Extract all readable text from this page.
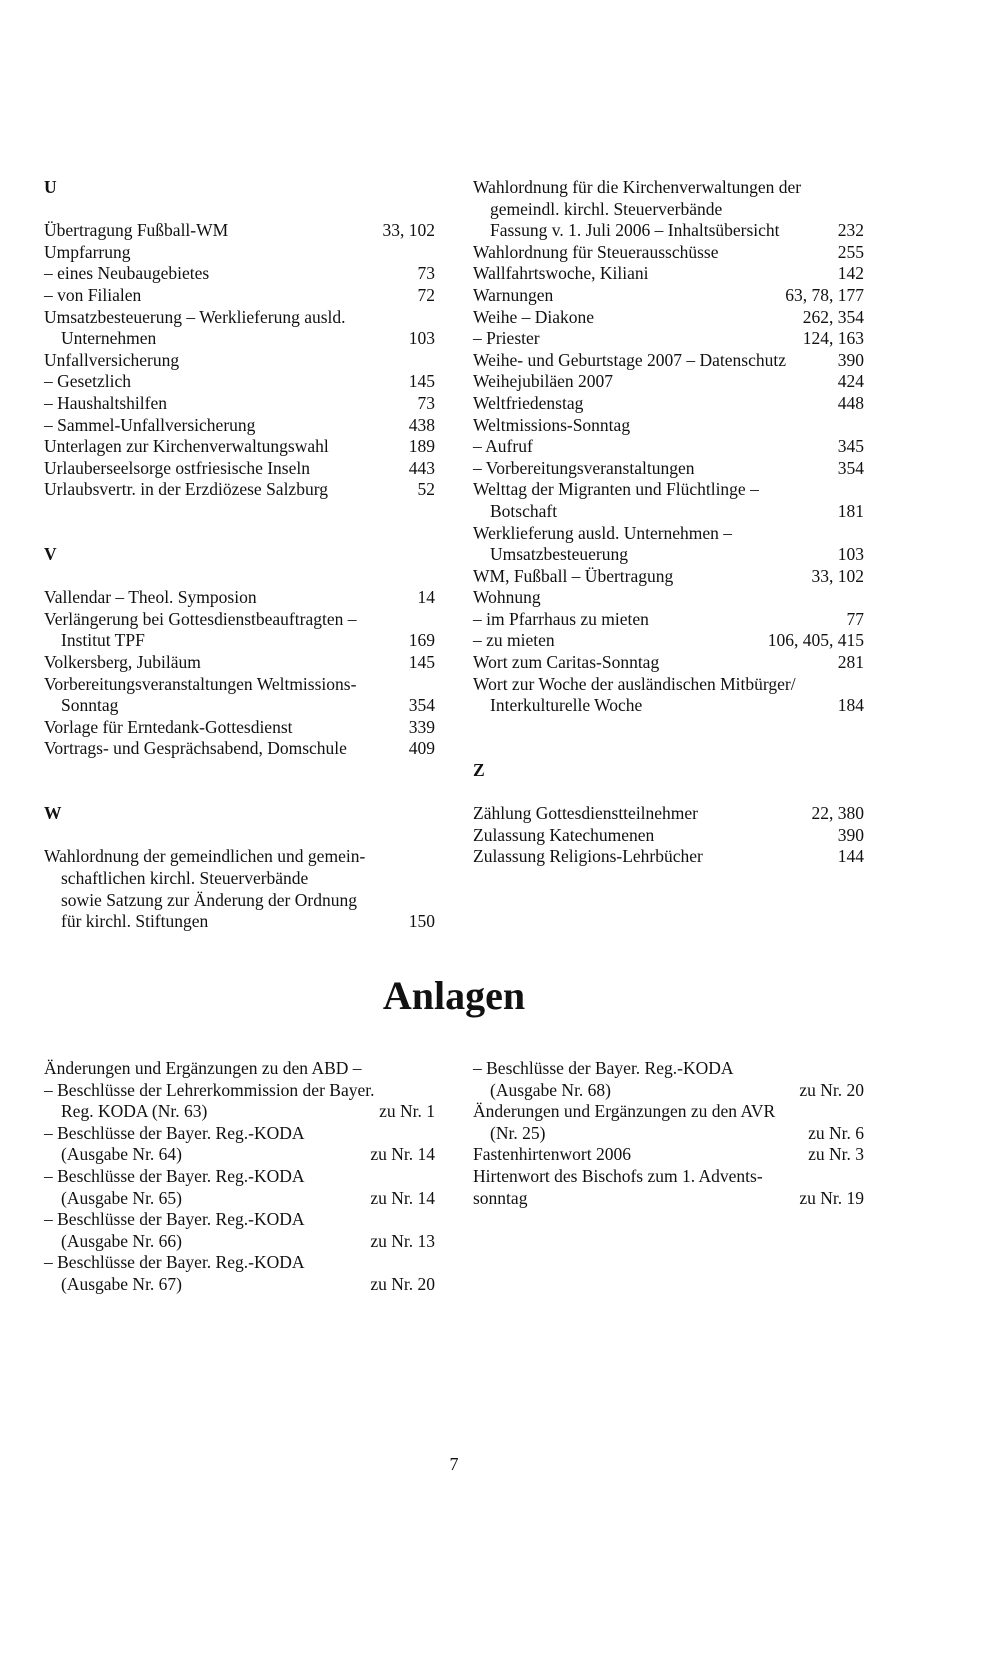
U
Übertragung Fußball-WM	33, 102
Umpfarrung
– eines Neubaugebietes	73
– von Filialen	72
Umsatzbesteuerung – Werklieferung ausld.
Unternehmen	103
Unfallversicherung
– Gesetzlich	145
– Haushaltshilfen	73
– Sammel-Unfallversicherung	438
Unterlagen zur Kirchenverwaltungswahl	189
Urlauberseelsorge ostfriesische Inseln	443
Urlaubsvertr. in der Erzdiözese Salzburg	52
V
Vallendar – Theol. Symposion	14
Verlängerung bei Gottesdienstbeauftragten –
Institut TPF	169
Volkersberg, Jubiläum	145
Vorbereitungsveranstaltungen Weltmissions-
Sonntag	354
Vorlage für Erntedank-Gottesdienst	339
Vortrags- und Gesprächsabend, Domschule	409
W
Wahlordnung der gemeindlichen und gemein-
schaftlichen kirchl. Steuerverbände
sowie Satzung zur Änderung der Ordnung
für kirchl. Stiftungen	150
Wahlordnung für die Kirchenverwaltungen der
gemeindl. kirchl. Steuerverbände
Fassung v. 1. Juli 2006 – Inhaltsübersicht	232
Wahlordnung für Steuerausschüsse	255
Wallfahrtswoche, Kiliani	142
Warnungen	63, 78, 177
Weihe – Diakone	262, 354
– Priester	124, 163
Weihe- und Geburtstage 2007 – Datenschutz	390
Weihejubiläen 2007	424
Weltfriedenstag	448
Weltmissions-Sonntag
– Aufruf	345
– Vorbereitungsveranstaltungen	354
Welttag der Migranten und Flüchtlinge –
Botschaft	181
Werklieferung ausld. Unternehmen –
Umsatzbesteuerung	103
WM, Fußball – Übertragung	33, 102
Wohnung
– im Pfarrhaus zu mieten	77
– zu mieten	106, 405, 415
Wort zum Caritas-Sonntag	281
Wort zur Woche der ausländischen Mitbürger/
Interkulturelle Woche	184
Z
Zählung Gottesdienstteilnehmer	22, 380
Zulassung Katechumenen	390
Zulassung Religions-Lehrbücher	144
Anlagen
Änderungen und Ergänzungen zu den ABD –
– Beschlüsse der Lehrerkommission der Bayer.
Reg. KODA (Nr. 63)	zu Nr. 1
– Beschlüsse der Bayer. Reg.-KODA
(Ausgabe Nr. 64)	zu Nr. 14
– Beschlüsse der Bayer. Reg.-KODA
(Ausgabe Nr. 65)	zu Nr. 14
– Beschlüsse der Bayer. Reg.-KODA
(Ausgabe Nr. 66)	zu Nr. 13
– Beschlüsse der Bayer. Reg.-KODA
(Ausgabe Nr. 67)	zu Nr. 20
– Beschlüsse der Bayer. Reg.-KODA
(Ausgabe Nr. 68)	zu Nr. 20
Änderungen und Ergänzungen zu den AVR
(Nr. 25)	zu Nr. 6
Fastenhirtenwort 2006	zu Nr. 3
Hirtenwort des Bischofs zum 1. Advents-
sonntag	zu Nr. 19
7
